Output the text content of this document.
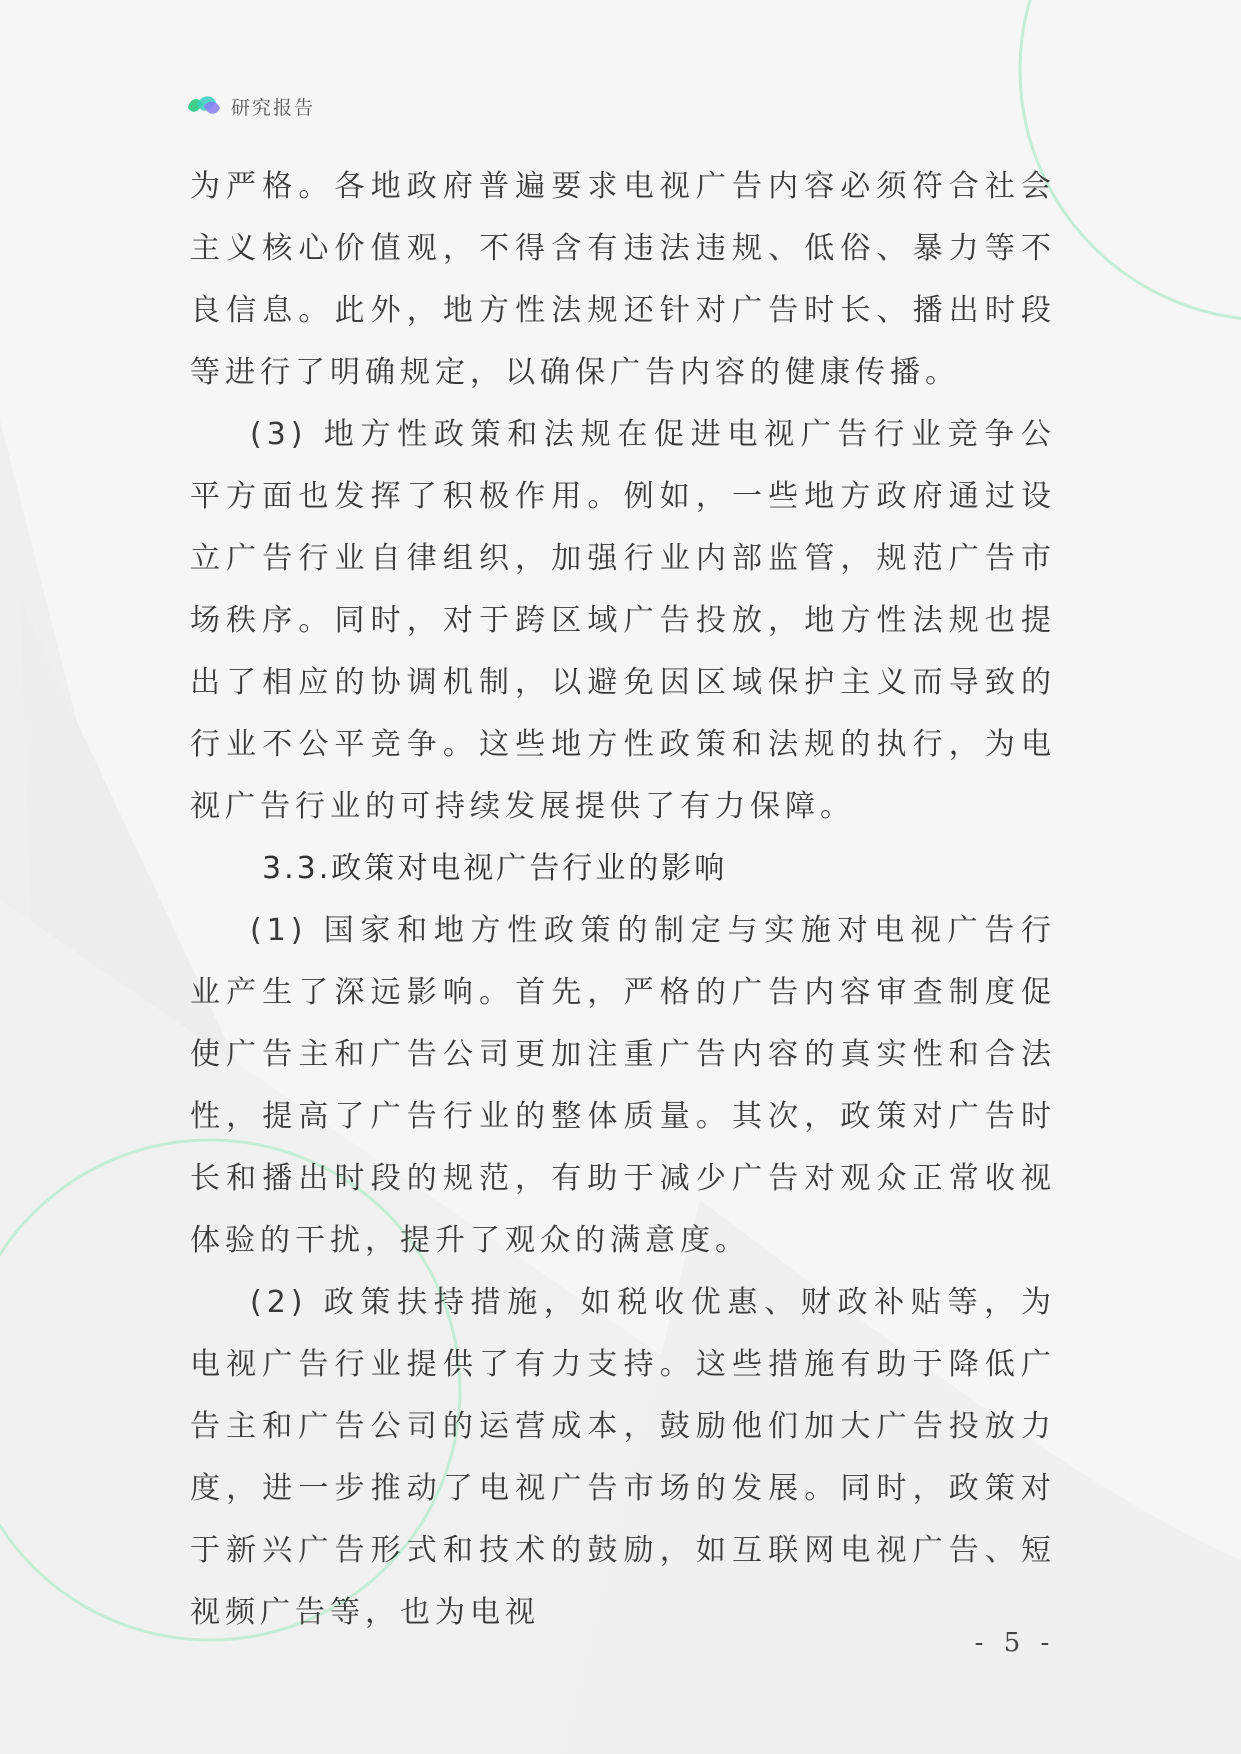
研究报告

为严格。各地政府普遍要求电视广告内容必须符合社会主义核心价值观，不得含有违法违规、低俗、暴力等不良信息。此外，地方性法规还针对广告时长、播出时段等进行了明确规定，以确保广告内容的健康传播。

(3) 地方性政策和法规在促进电视广告行业竞争公平方面也发挥了积极作用。例如，一些地方政府通过设立广告行业自律组织，加强行业内部监管，规范广告市场秩序。同时，对于跨区域广告投放，地方性法规也提出了相应的协调机制，以避免因区域保护主义而导致的行业不公平竞争。这些地方性政策和法规的执行，为电视广告行业的可持续发展提供了有力保障。

3.3.政策对电视广告行业的影响

(1) 国家和地方性政策的制定与实施对电视广告行业产生了深远影响。首先，严格的广告内容审查制度促使广告主和广告公司更加注重广告内容的真实性和合法性，提高了广告行业的整体质量。其次，政策对广告时长和播出时段的规范，有助于减少广告对观众正常收视体验的干扰，提升了观众的满意度。

(2) 政策扶持措施，如税收优惠、财政补贴等，为电视广告行业提供了有力支持。这些措施有助于降低广告主和广告公司的运营成本，鼓励他们加大广告投放力度，进一步推动了电视广告市场的发展。同时，政策对于新兴广告形式和技术的鼓励，如互联网电视广告、短视频广告等，也为电视

- 5 -
